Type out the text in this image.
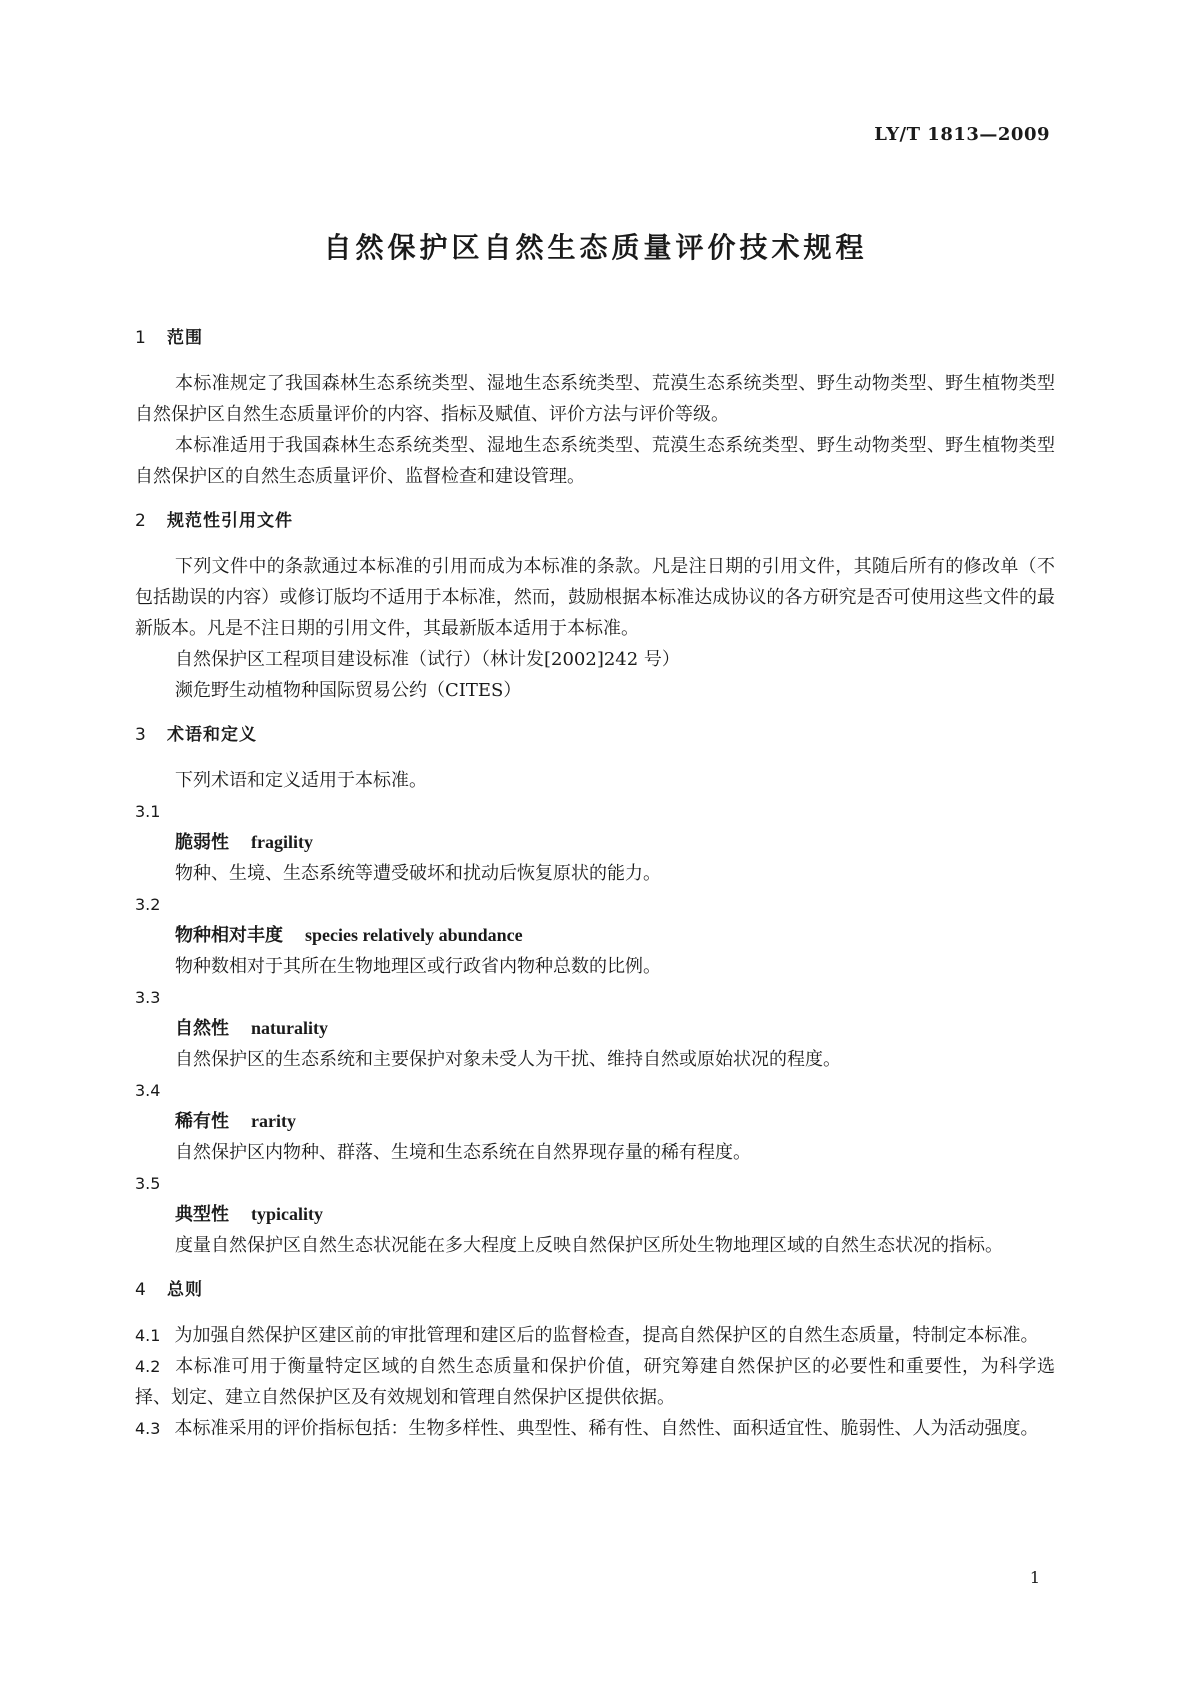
LY/T 1813—2009
自然保护区自然生态质量评价技术规程
1 范围
本标准规定了我国森林生态系统类型、湿地生态系统类型、荒漠生态系统类型、野生动物类型、野生植物类型自然保护区自然生态质量评价的内容、指标及赋值、评价方法与评价等级。
本标准适用于我国森林生态系统类型、湿地生态系统类型、荒漠生态系统类型、野生动物类型、野生植物类型自然保护区的自然生态质量评价、监督检查和建设管理。
2 规范性引用文件
下列文件中的条款通过本标准的引用而成为本标准的条款。凡是注日期的引用文件，其随后所有的修改单（不包括勘误的内容）或修订版均不适用于本标准，然而，鼓励根据本标准达成协议的各方研究是否可使用这些文件的最新版本。凡是不注日期的引用文件，其最新版本适用于本标准。
自然保护区工程项目建设标准（试行）（林计发[2002]242 号）
濒危野生动植物种国际贸易公约（CITES）
3 术语和定义
下列术语和定义适用于本标准。
3.1
脆弱性 fragility
物种、生境、生态系统等遭受破坏和扰动后恢复原状的能力。
3.2
物种相对丰度 species relatively abundance
物种数相对于其所在生物地理区或行政省内物种总数的比例。
3.3
自然性 naturality
自然保护区的生态系统和主要保护对象未受人为干扰、维持自然或原始状况的程度。
3.4
稀有性 rarity
自然保护区内物种、群落、生境和生态系统在自然界现存量的稀有程度。
3.5
典型性 typicality
度量自然保护区自然生态状况能在多大程度上反映自然保护区所处生物地理区域的自然生态状况的指标。
4 总则
4.1 为加强自然保护区建区前的审批管理和建区后的监督检查，提高自然保护区的自然生态质量，特制定本标准。
4.2 本标准可用于衡量特定区域的自然生态质量和保护价值，研究筹建自然保护区的必要性和重要性，为科学选择、划定、建立自然保护区及有效规划和管理自然保护区提供依据。
4.3 本标准采用的评价指标包括：生物多样性、典型性、稀有性、自然性、面积适宜性、脆弱性、人为活动强度。
1
